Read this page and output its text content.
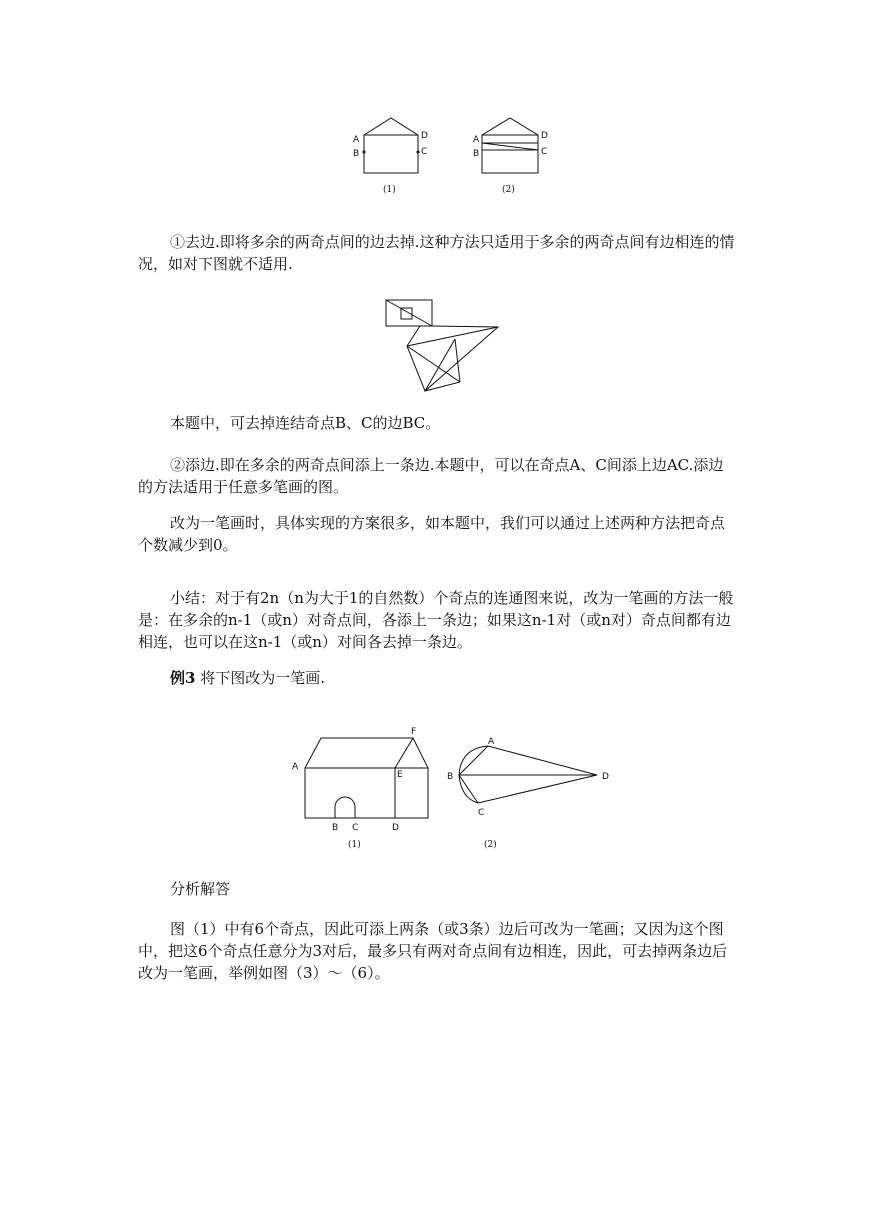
A
B
D
C
(1)
A
B
D
C
(2)

①去边.即将多余的两奇点间的边去掉.这种方法只适用于多余的两奇点间有边相连的情况，如对下图就不适用.

本题中，可去掉连结奇点B、C的边BC。

②添边.即在多余的两奇点间添上一条边.本题中，可以在奇点A、C间添上边AC.添边的方法适用于任意多笔画的图。

改为一笔画时，具体实现的方案很多，如本题中，我们可以通过上述两种方法把奇点个数减少到0。

小结：对于有2n（n为大于1的自然数）个奇点的连通图来说，改为一笔画的方法一般是：在多余的n-1（或n）对奇点间，各添上一条边；如果这n-1对（或n对）奇点间都有边相连，也可以在这n-1（或n）对间各去掉一条边。

例3 将下图改为一笔画.

F
A
E
B C	D
(1)
A
B	D
C
(2)

分析解答

图（1）中有6个奇点，因此可添上两条（或3条）边后可改为一笔画；又因为这个图中，把这6个奇点任意分为3对后，最多只有两对奇点间有边相连，因此，可去掉两条边后改为一笔画，举例如图（3）～（6）。
